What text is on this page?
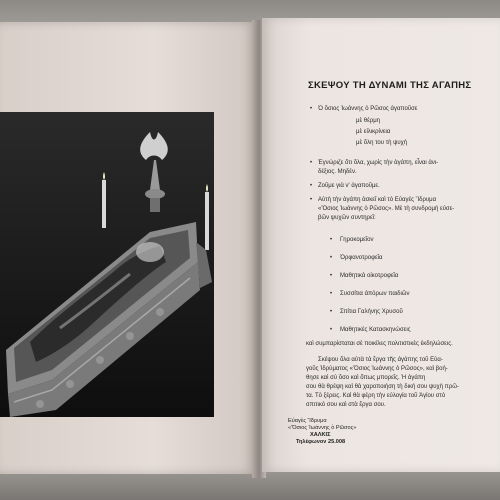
ΣΚΕΨΟΥ ΤΗ ΔΥΝΑΜΙ ΤΗΣ ΑΓΑΠΗΣ
• Ὁ ὅσιος Ἰωάννης ὁ Ρῶσος ἀγαποῦσε

μὲ θέρμη

μὲ εἰλικρίνεια

μὲ ὅλη του τὴ ψυχή

• Ἐγνώριζε ὅτι ὅλα, χωρὶς τὴν ἀγάπη, εἶναι ἀνι-

δέξιος. Μηδέν.

• Ζοῦμε γιὰ ν' ἀγαποῦμε.

• Αὐτὴ τὴν ἀγάπη ἀσκεῖ καὶ τὸ Εὐαγές Ἵδρυμα

«Ὅσιος Ἰωάννης ὁ Ρῶσος». Μὲ τὴ συνδρομή εὐσε-

βῶν ψυχῶν συντηρεῖ:

• Γηροκομεῖον
• Ὀρφανοτροφεῖα
• Μαθητικὰ οἰκοτροφεῖα
• Συσσίτια ἀπόρων παιδιῶν
• Σπίτια Γαλήνης Χρυσοῦ
• Μαθητικὲς Κατασκηνώσεις

καὶ συμπαρίσταται σὲ ποικίλες πολιτιστικὲς ἐκδηλώσεις.

Σκέψου ὅλα αὐτὰ τὰ ἔργα τῆς ἀγάπης τοῦ Εὐα-

γοῦς Ἱδρύματος «Ὅσιος Ἰωάννης ὁ Ρῶσος», καὶ βοή-

θησε καὶ σὺ ὅσο καὶ ὅπως μπορεῖς. Ἡ ἀγάπη

σου θὰ θρέψη καὶ θὰ χαροποιήση τὴ δική σου ψυχὴ πρῶ-

τα. Τὸ ξέρεις. Καὶ θὰ φέρη τὴν εὐλογία τοῦ Ἁγίου στὸ

σπιτικό σου καὶ στὰ ἔργα σου.

Εὐαγὲς Ἵδρυμα

«Ὅσιος Ἰωάννης ὁ Ρῶσος»

ΧΑΛΚΙΣ

Τηλέφωνον 25.008
